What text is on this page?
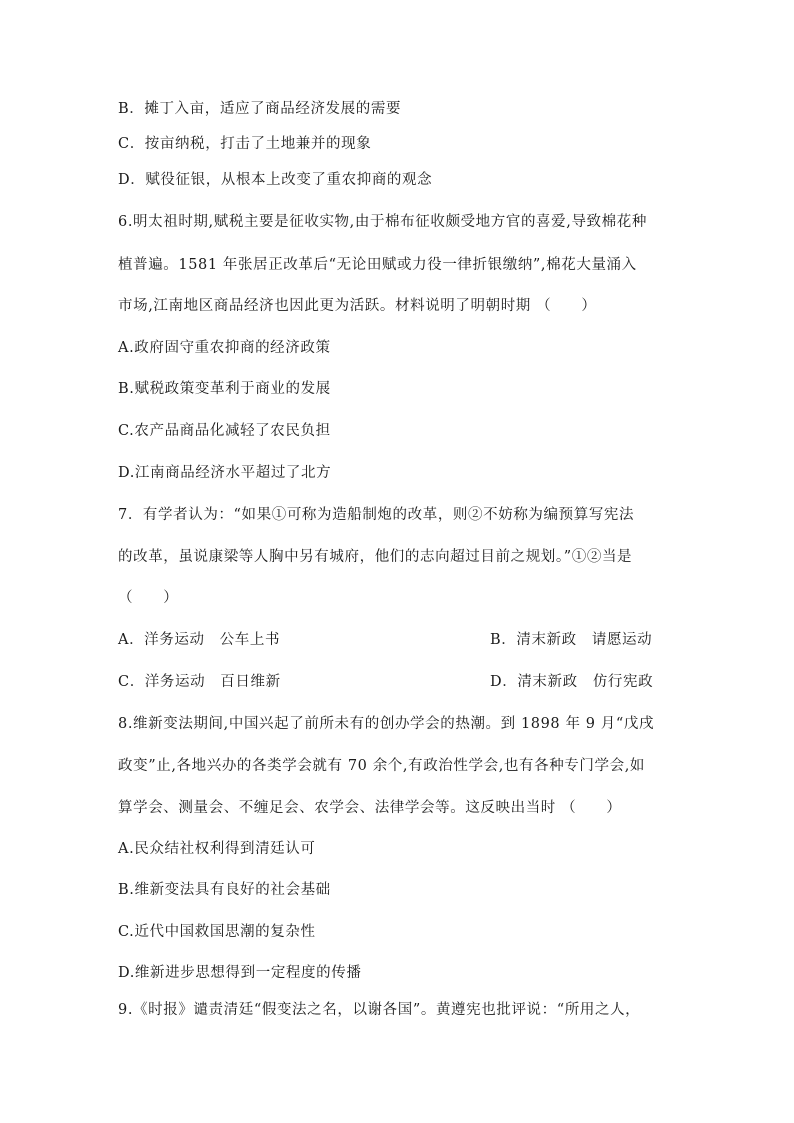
B．摊丁入亩，适应了商品经济发展的需要
C．按亩纳税，打击了土地兼并的现象
D．赋役征银，从根本上改变了重农抑商的观念
6.明太祖时期,赋税主要是征收实物,由于棉布征收颇受地方官的喜爱,导致棉花种
植普遍。1581 年张居正改革后“无论田赋或力役一律折银缴纳”,棉花大量涌入
市场,江南地区商品经济也因此更为活跃。材料说明了明朝时期 （　　）
A.政府固守重农抑商的经济政策
B.赋税政策变革利于商业的发展
C.农产品商品化减轻了农民负担
D.江南商品经济水平超过了北方
7．有学者认为：“如果①可称为造船制炮的改革，则②不妨称为编预算写宪法
的改革，虽说康梁等人胸中另有城府，他们的志向超过目前之规划。”①②当是
（　　）
A．洋务运动　公车上书	B．清末新政　请愿运动
C．洋务运动　百日维新	D．清末新政　仿行宪政
8.维新变法期间,中国兴起了前所未有的创办学会的热潮。到 1898 年 9 月“戊戌
政变”止,各地兴办的各类学会就有 70 余个,有政治性学会,也有各种专门学会,如
算学会、测量会、不缠足会、农学会、法律学会等。这反映出当时 （　　）
A.民众结社权利得到清廷认可
B.维新变法具有良好的社会基础
C.近代中国救国思潮的复杂性
D.维新进步思想得到一定程度的传播
9.《时报》谴责清廷“假变法之名，以谢各国”。黄遵宪也批评说：“所用之人，
